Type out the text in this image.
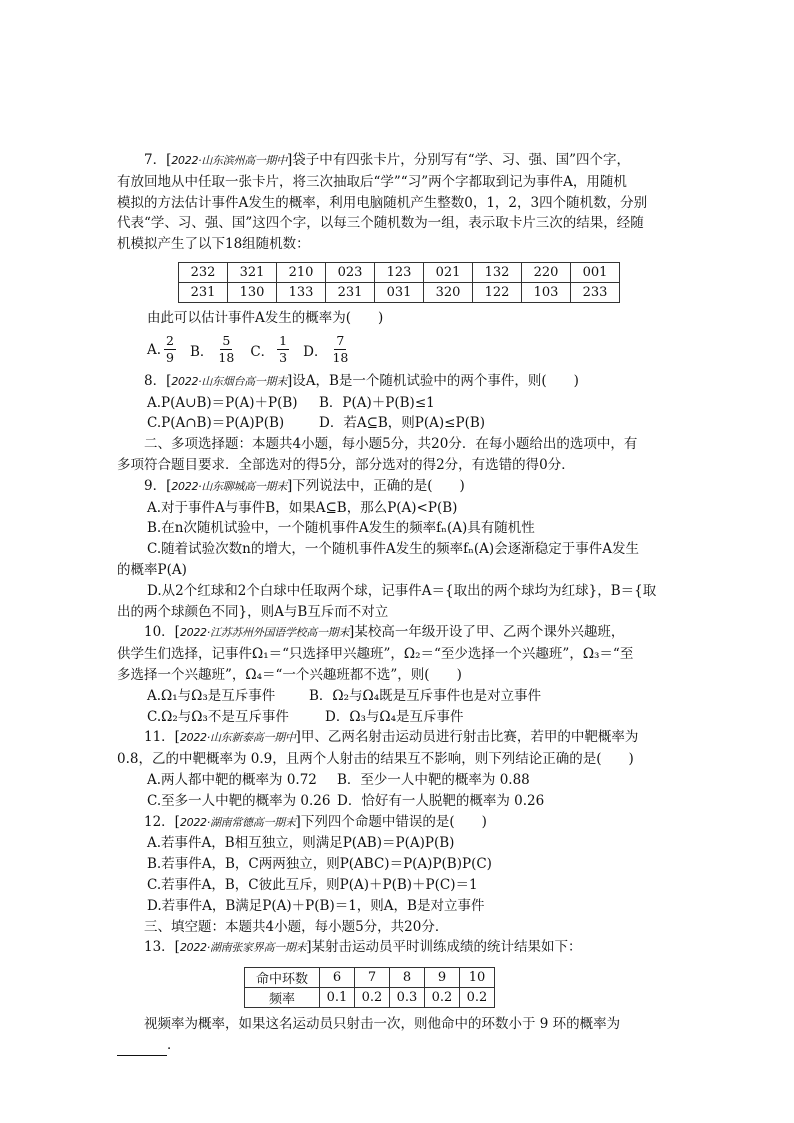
7．[2022·山东滨州高一期中]袋子中有四张卡片，分别写有“学、习、强、国”四个字，
有放回地从中任取一张卡片，将三次抽取后“学”“习”两个字都取到记为事件A，用随机
模拟的方法估计事件A发生的概率，利用电脑随机产生整数0，1，2，3四个随机数，分别
代表“学、习、强、国”这四个字，以每三个随机数为一组，表示取卡片三次的结果，经随
机模拟产生了以下18组随机数：
232	321	210	023	123	021	132	220	001
231	130	133	231	031	320	122	103	233
由此可以估计事件A发生的概率为(　　)
A. $\frac{2}{9}$ B． $\frac{5}{18}$ C． $\frac{1}{3}$ D． $\frac{7}{18}$
8．[2022·山东烟台高一期末]设A，B是一个随机试验中的两个事件，则(　　)
A.P(A∪B)＝P(A)＋P(B)	B．P(A)＋P(B)≤1
C.P(A∩B)＝P(A)P(B)	D．若A⊆B，则P(A)≤P(B)
二、多项选择题：本题共4小题，每小题5分，共20分．在每小题给出的选项中，有
多项符合题目要求．全部选对的得5分，部分选对的得2分，有选错的得0分．
9．[2022·山东聊城高一期末]下列说法中，正确的是(　　)
A.对于事件A与事件B，如果A⊆B，那么P(A)<P(B)
B.在n次随机试验中，一个随机事件A发生的频率fₙ(A)具有随机性
C.随着试验次数n的增大，一个随机事件A发生的频率fₙ(A)会逐渐稳定于事件A发生
的概率P(A)
D.从2个红球和2个白球中任取两个球，记事件A＝{取出的两个球均为红球}，B＝{取
出的两个球颜色不同}，则A与B互斥而不对立
10．[2022·江苏苏州外国语学校高一期末]某校高一年级开设了甲、乙两个课外兴趣班，
供学生们选择，记事件Ω₁＝“只选择甲兴趣班”，Ω₂＝“至少选择一个兴趣班”，Ω₃＝“至
多选择一个兴趣班”，Ω₄＝“一个兴趣班都不选”，则(　　)
A.Ω₁与Ω₃是互斥事件	B．Ω₂与Ω₄既是互斥事件也是对立事件
C.Ω₂与Ω₃不是互斥事件	D．Ω₃与Ω₄是互斥事件
11．[2022·山东新泰高一期中]甲、乙两名射击运动员进行射击比赛，若甲的中靶概率为
0.8，乙的中靶概率为 0.9，且两个人射击的结果互不影响，则下列结论正确的是(　　)
A.两人都中靶的概率为 0.72	B．至少一人中靶的概率为 0.88
C.至多一人中靶的概率为 0.26 D．恰好有一人脱靶的概率为 0.26
12．[2022·湖南常德高一期末]下列四个命题中错误的是(　　)
A.若事件A，B相互独立，则满足P(AB)＝P(A)P(B)
B.若事件A，B，C两两独立，则P(ABC)＝P(A)P(B)P(C)
C.若事件A，B，C彼此互斥，则P(A)＋P(B)＋P(C)＝1
D.若事件A，B满足P(A)＋P(B)＝1，则A，B是对立事件
三、填空题：本题共4小题，每小题5分，共20分．
13．[2022·湖南张家界高一期末]某射击运动员平时训练成绩的统计结果如下：
命中环数	6	7	8	9	10
频率	0.1	0.2	0.3	0.2	0.2
视频率为概率，如果这名运动员只射击一次，则他命中的环数小于 9 环的概率为
．
